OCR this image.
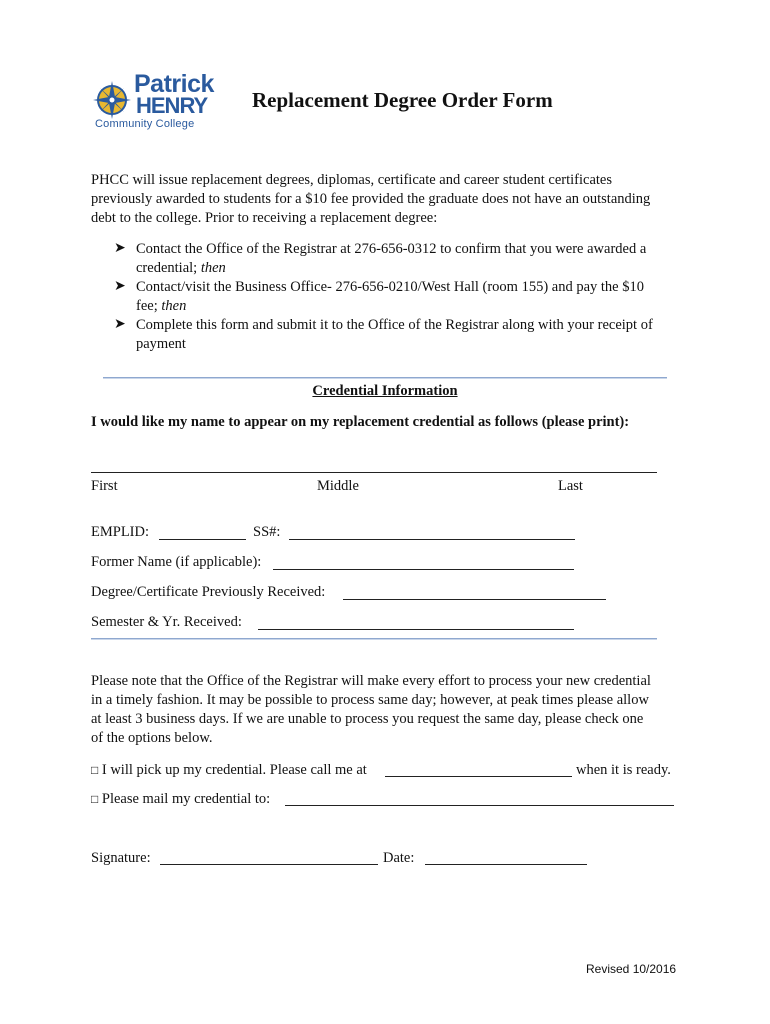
Patrick
HENRY
Community College
Replacement Degree Order Form
PHCC will issue replacement degrees, diplomas, certificate and career student certificates
previously awarded to students for a $10 fee provided the graduate does not have an outstanding
debt to the college. Prior to receiving a replacement degree:
➤ Contact the Office of the Registrar at 276-656-0312 to confirm that you were awarded a
credential; then
➤ Contact/visit the Business Office- 276-656-0210/West Hall (room 155) and pay the $10
fee; then
➤ Complete this form and submit it to the Office of the Registrar along with your receipt of
payment
Credential Information
I would like my name to appear on my replacement credential as follows (please print):
First	Middle	Last
EMPLID:	SS#:
Former Name (if applicable):
Degree/Certificate Previously Received:
Semester & Yr. Received:
Please note that the Office of the Registrar will make every effort to process your new credential
in a timely fashion. It may be possible to process same day; however, at peak times please allow
at least 3 business days. If we are unable to process you request the same day, please check one
of the options below.
□ I will pick up my credential. Please call me at	when it is ready.
□ Please mail my credential to:
Signature:	Date:
Revised 10/2016
